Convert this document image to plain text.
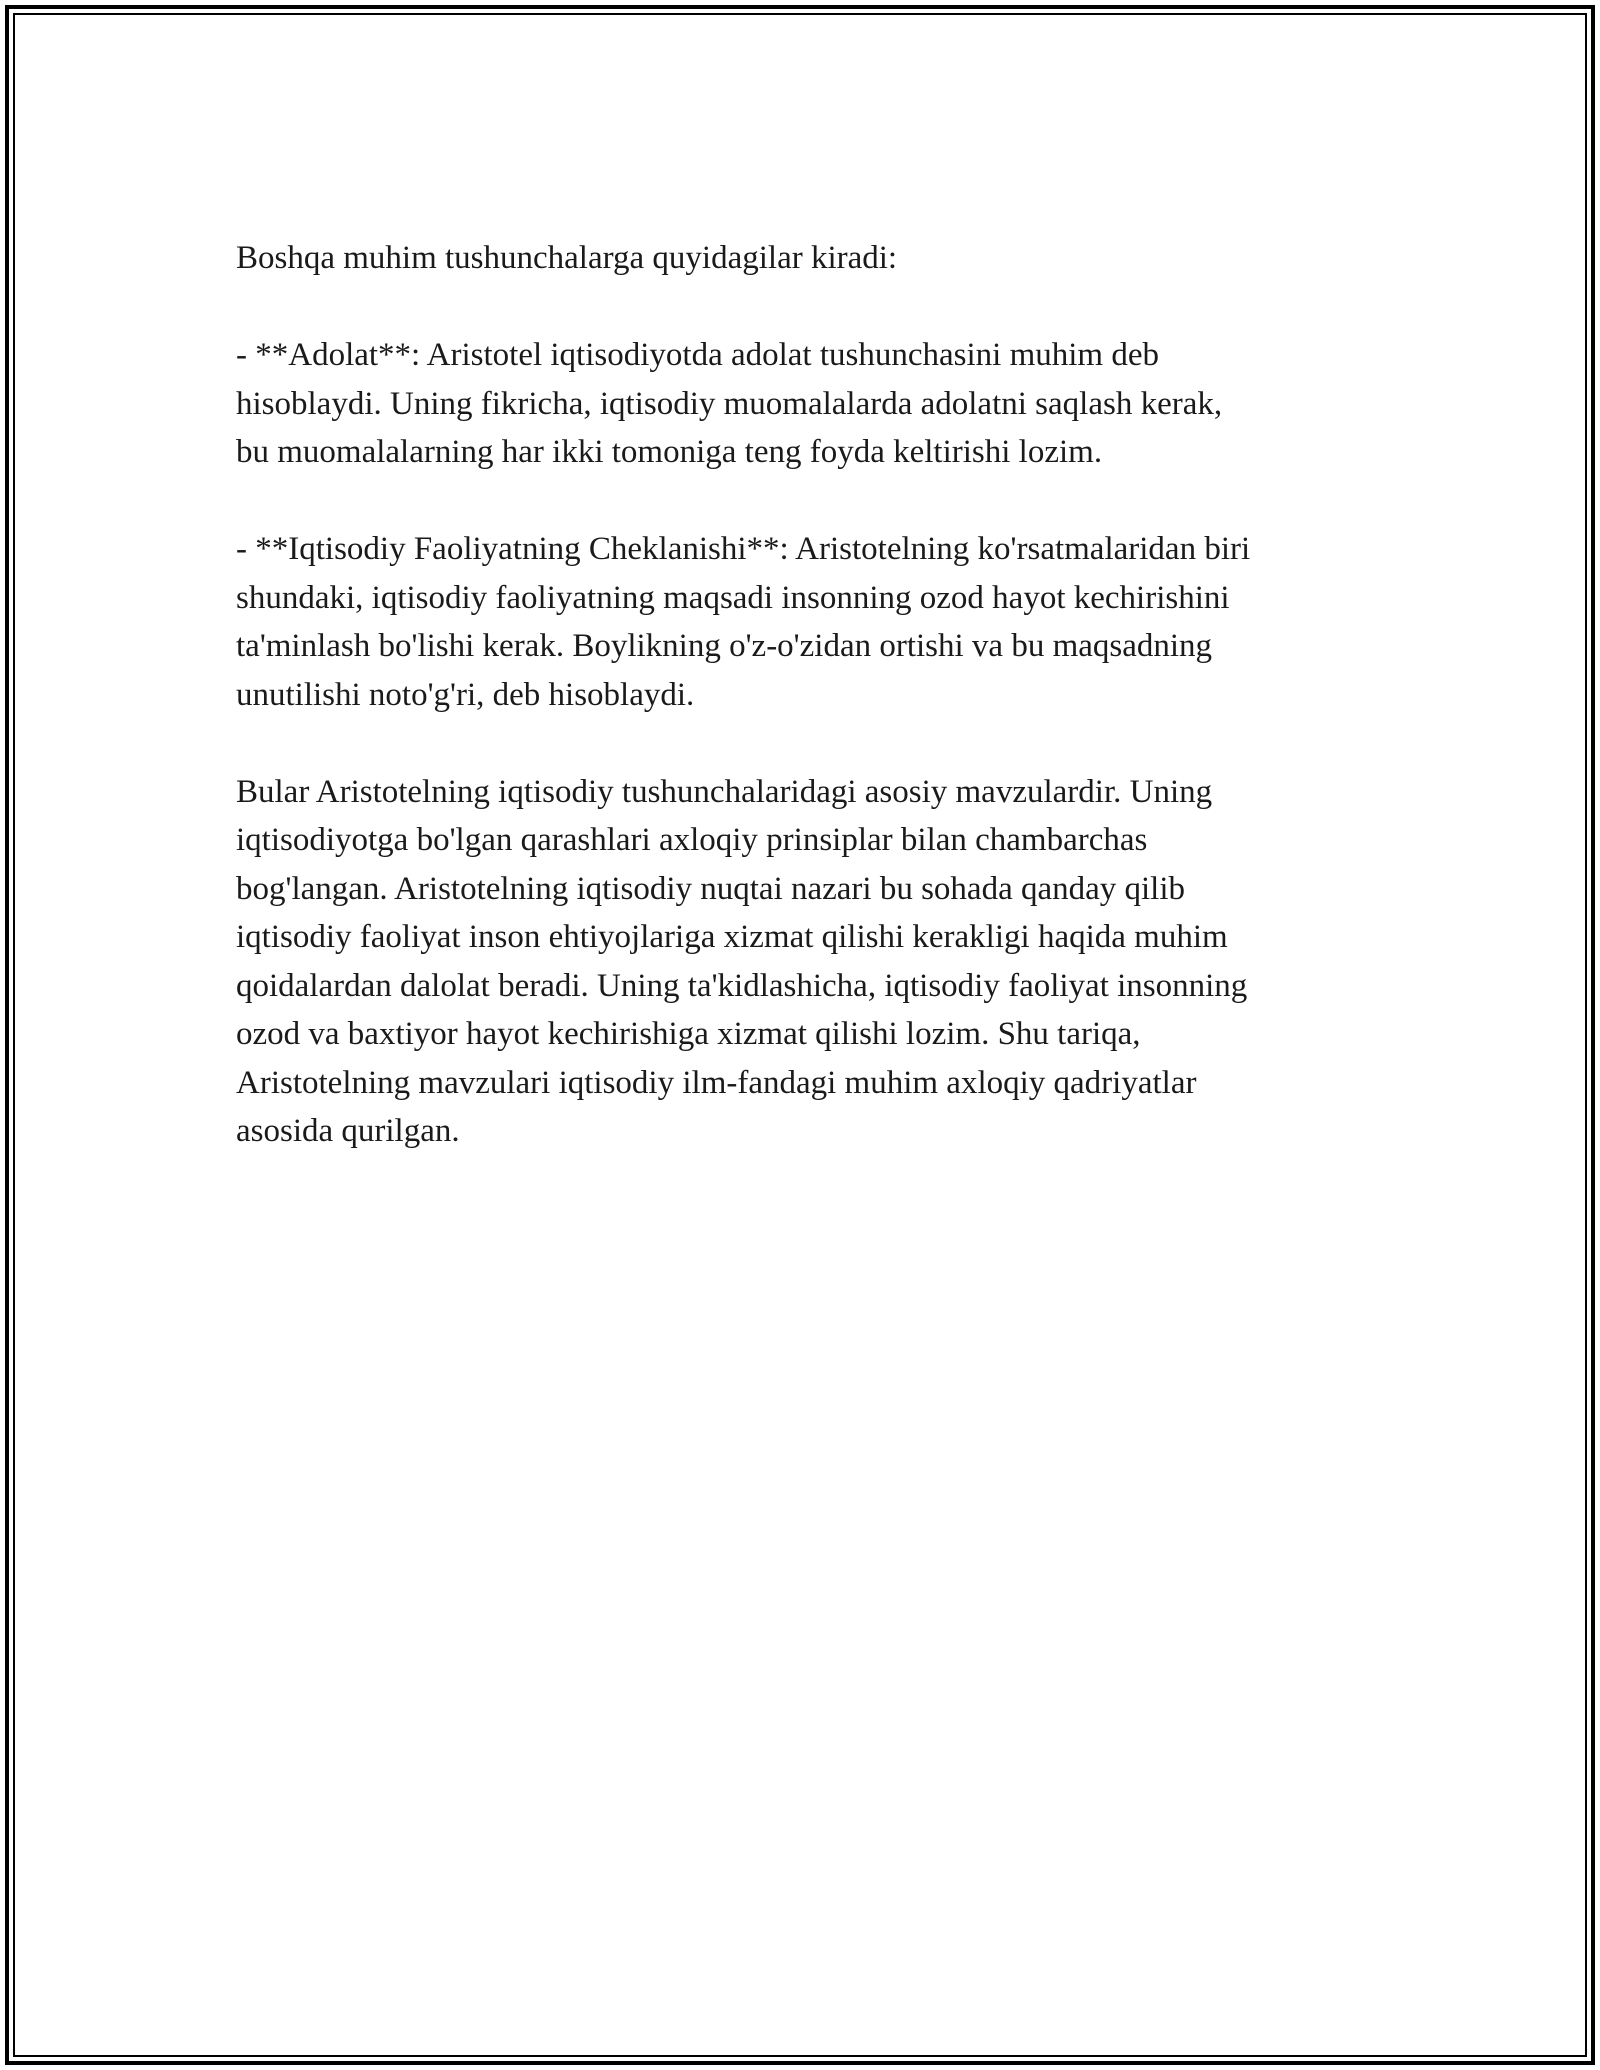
Boshqa muhim tushunchalarga quyidagilar kiradi:

- **Adolat**: Aristotel iqtisodiyotda adolat tushunchasini muhim deb
hisoblaydi. Uning fikricha, iqtisodiy muomalalarda adolatni saqlash kerak,
bu muomalalarning har ikki tomoniga teng foyda keltirishi lozim.

- **Iqtisodiy Faoliyatning Cheklanishi**: Aristotelning ko'rsatmalaridan biri
shundaki, iqtisodiy faoliyatning maqsadi insonning ozod hayot kechirishini
ta'minlash bo'lishi kerak. Boylikning o'z-o'zidan ortishi va bu maqsadning
unutilishi noto'g'ri, deb hisoblaydi.

Bular Aristotelning iqtisodiy tushunchalaridagi asosiy mavzulardir. Uning
iqtisodiyotga bo'lgan qarashlari axloqiy prinsiplar bilan chambarchas
bog'langan. Aristotelning iqtisodiy nuqtai nazari bu sohada qanday qilib
iqtisodiy faoliyat inson ehtiyojlariga xizmat qilishi kerakligi haqida muhim
qoidalardan dalolat beradi. Uning ta'kidlashicha, iqtisodiy faoliyat insonning
ozod va baxtiyor hayot kechirishiga xizmat qilishi lozim. Shu tariqa,
Aristotelning mavzulari iqtisodiy ilm-fandagi muhim axloqiy qadriyatlar
asosida qurilgan.
